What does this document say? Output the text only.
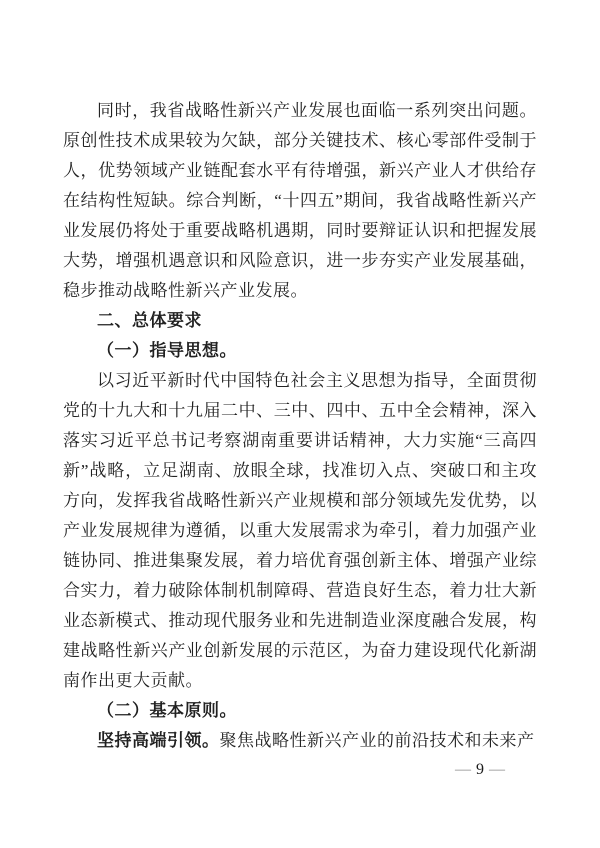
同时，我省战略性新兴产业发展也面临一系列突出问题。原创性技术成果较为欠缺，部分关键技术、核心零部件受制于人，优势领域产业链配套水平有待增强，新兴产业人才供给存在结构性短缺。综合判断，“十四五”期间，我省战略性新兴产业发展仍将处于重要战略机遇期，同时要辩证认识和把握发展大势，增强机遇意识和风险意识，进一步夯实产业发展基础，稳步推动战略性新兴产业发展。

二、总体要求

（一）指导思想。

以习近平新时代中国特色社会主义思想为指导，全面贯彻党的十九大和十九届二中、三中、四中、五中全会精神，深入落实习近平总书记考察湖南重要讲话精神，大力实施“三高四新”战略，立足湖南、放眼全球，找准切入点、突破口和主攻方向，发挥我省战略性新兴产业规模和部分领域先发优势，以产业发展规律为遵循，以重大发展需求为牵引，着力加强产业链协同、推进集聚发展，着力培优育强创新主体、增强产业综合实力，着力破除体制机制障碍、营造良好生态，着力壮大新业态新模式、推动现代服务业和先进制造业深度融合发展，构建战略性新兴产业创新发展的示范区，为奋力建设现代化新湖南作出更大贡献。

（二）基本原则。

坚持高端引领。聚焦战略性新兴产业的前沿技术和未来产

— 9 —
